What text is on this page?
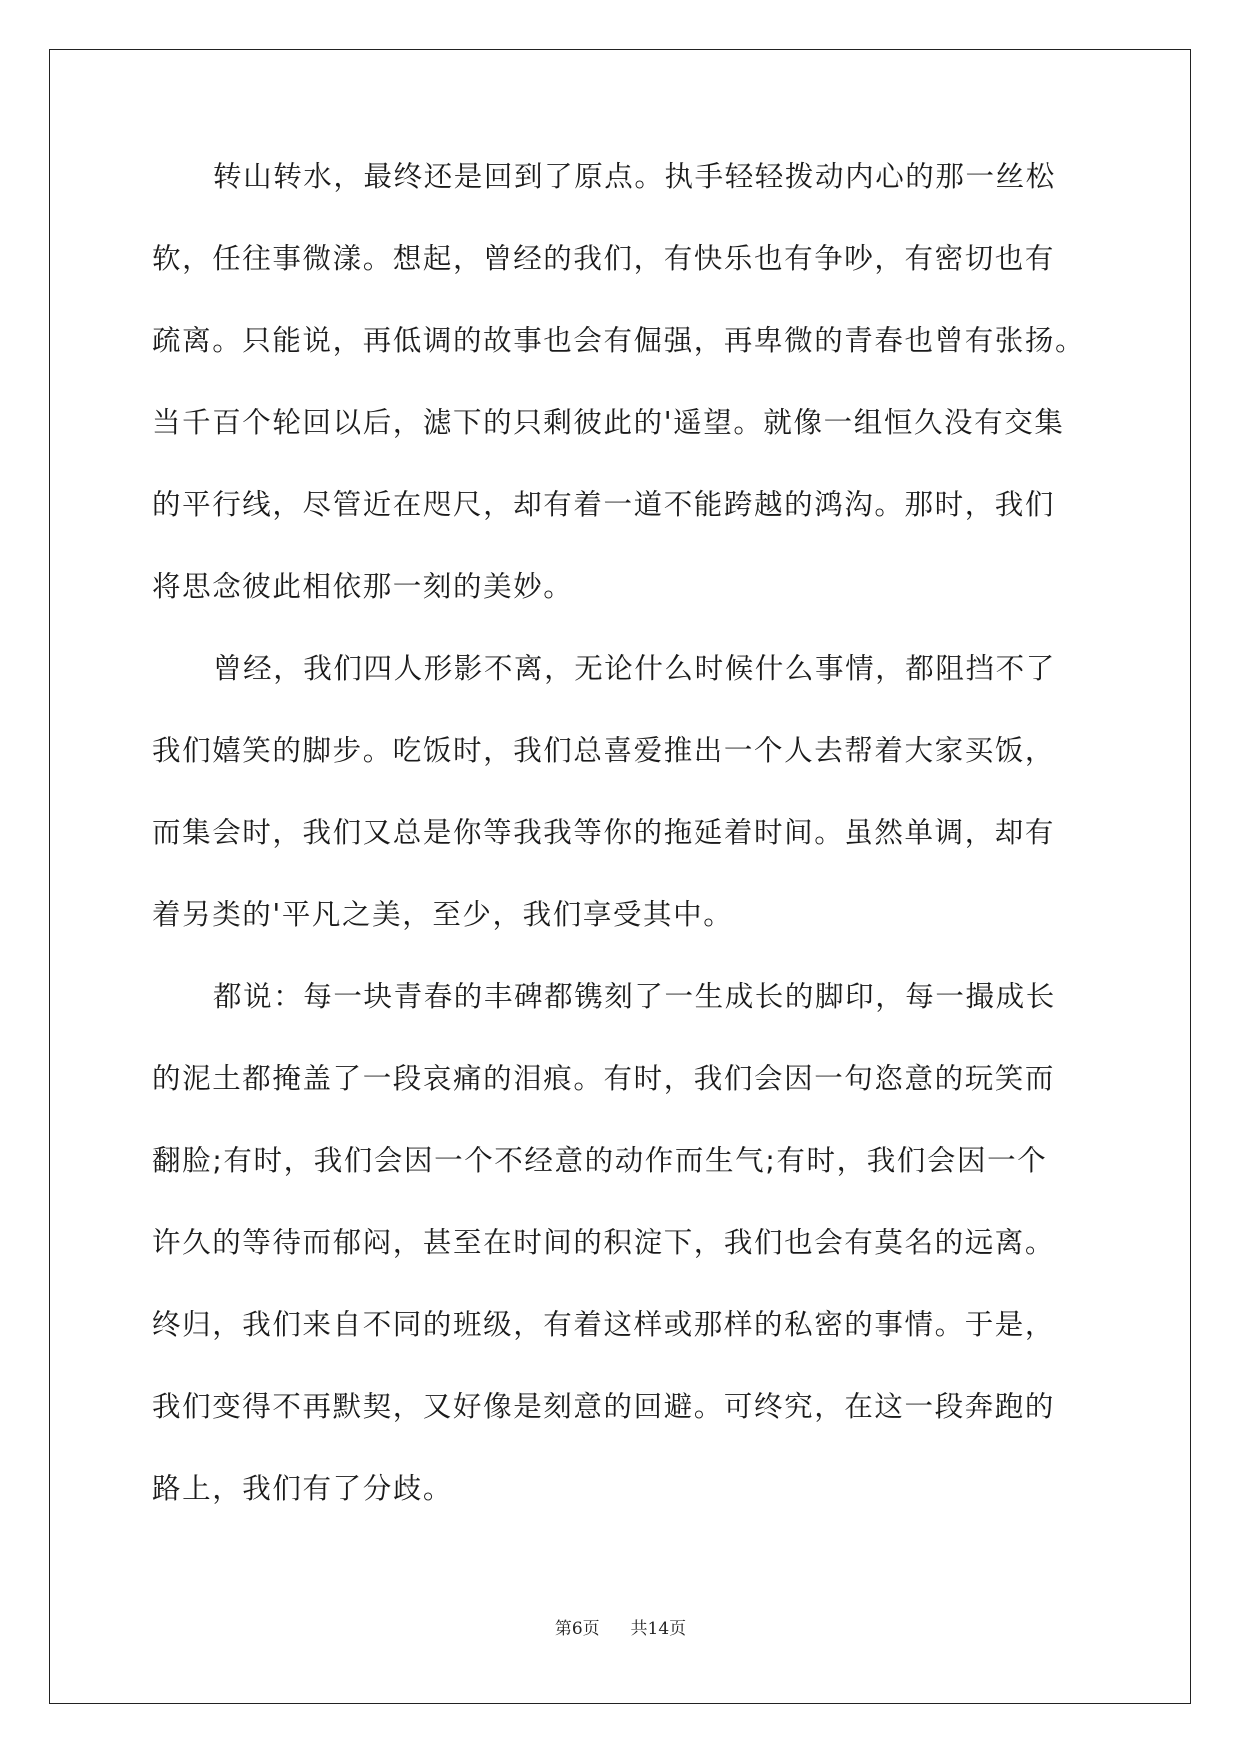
转山转水，最终还是回到了原点。执手轻轻拨动内心的那一丝松
软，任往事微漾。想起，曾经的我们，有快乐也有争吵，有密切也有
疏离。只能说，再低调的故事也会有倔强，再卑微的青春也曾有张扬。
当千百个轮回以后，滤下的只剩彼此的'遥望。就像一组恒久没有交集
的平行线，尽管近在咫尺，却有着一道不能跨越的鸿沟。那时，我们
将思念彼此相依那一刻的美妙。
曾经，我们四人形影不离，无论什么时候什么事情，都阻挡不了
我们嬉笑的脚步。吃饭时，我们总喜爱推出一个人去帮着大家买饭，
而集会时，我们又总是你等我我等你的拖延着时间。虽然单调，却有
着另类的'平凡之美，至少，我们享受其中。
都说：每一块青春的丰碑都镌刻了一生成长的脚印，每一撮成长
的泥土都掩盖了一段哀痛的泪痕。有时，我们会因一句恣意的玩笑而
翻脸;有时，我们会因一个不经意的动作而生气;有时，我们会因一个
许久的等待而郁闷，甚至在时间的积淀下，我们也会有莫名的远离。
终归，我们来自不同的班级，有着这样或那样的私密的事情。于是，
我们变得不再默契，又好像是刻意的回避。可终究，在这一段奔跑的
路上，我们有了分歧。
第6页 共14页
